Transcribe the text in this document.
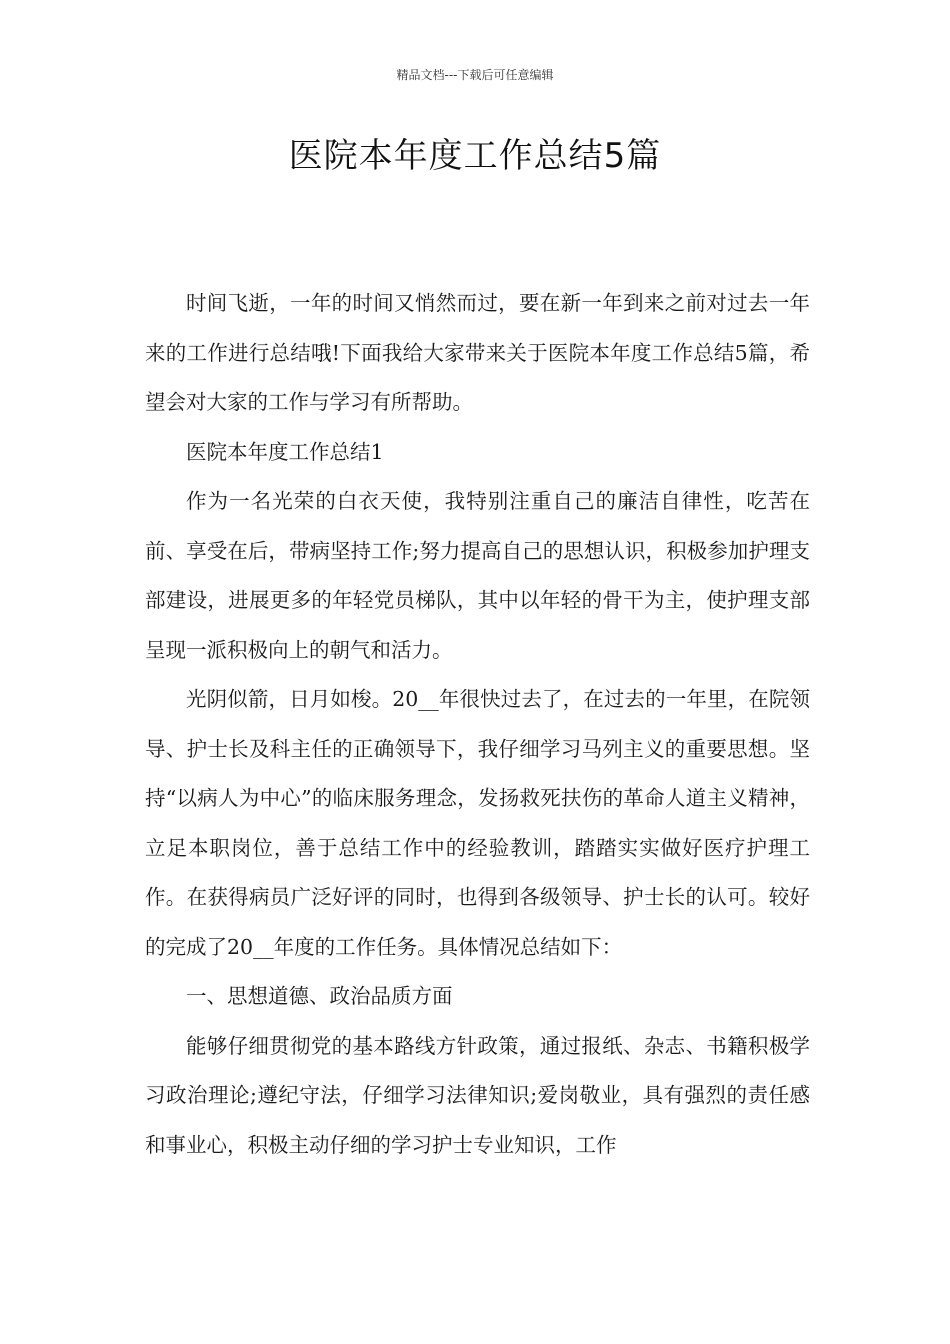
精品文档---下载后可任意编辑
医院本年度工作总结5篇

时间飞逝，一年的时间又悄然而过，要在新一年到来之前对过去一年来的工作进行总结哦!下面我给大家带来关于医院本年度工作总结5篇，希望会对大家的工作与学习有所帮助。

医院本年度工作总结1

作为一名光荣的白衣天使，我特别注重自己的廉洁自律性，吃苦在前、享受在后，带病坚持工作;努力提高自己的思想认识，积极参加护理支部建设，进展更多的年轻党员梯队，其中以年轻的骨干为主，使护理支部呈现一派积极向上的朝气和活力。

光阴似箭，日月如梭。20__年很快过去了，在过去的一年里，在院领导、护士长及科主任的正确领导下，我仔细学习马列主义的重要思想。坚持“以病人为中心”的临床服务理念，发扬救死扶伤的革命人道主义精神，立足本职岗位，善于总结工作中的经验教训，踏踏实实做好医疗护理工作。在获得病员广泛好评的同时，也得到各级领导、护士长的认可。较好的完成了20__年度的工作任务。具体情况总结如下：

一、思想道德、政治品质方面

能够仔细贯彻党的基本路线方针政策，通过报纸、杂志、书籍积极学习政治理论;遵纪守法，仔细学习法律知识;爱岗敬业，具有强烈的责任感和事业心，积极主动仔细的学习护士专业知识，工作
